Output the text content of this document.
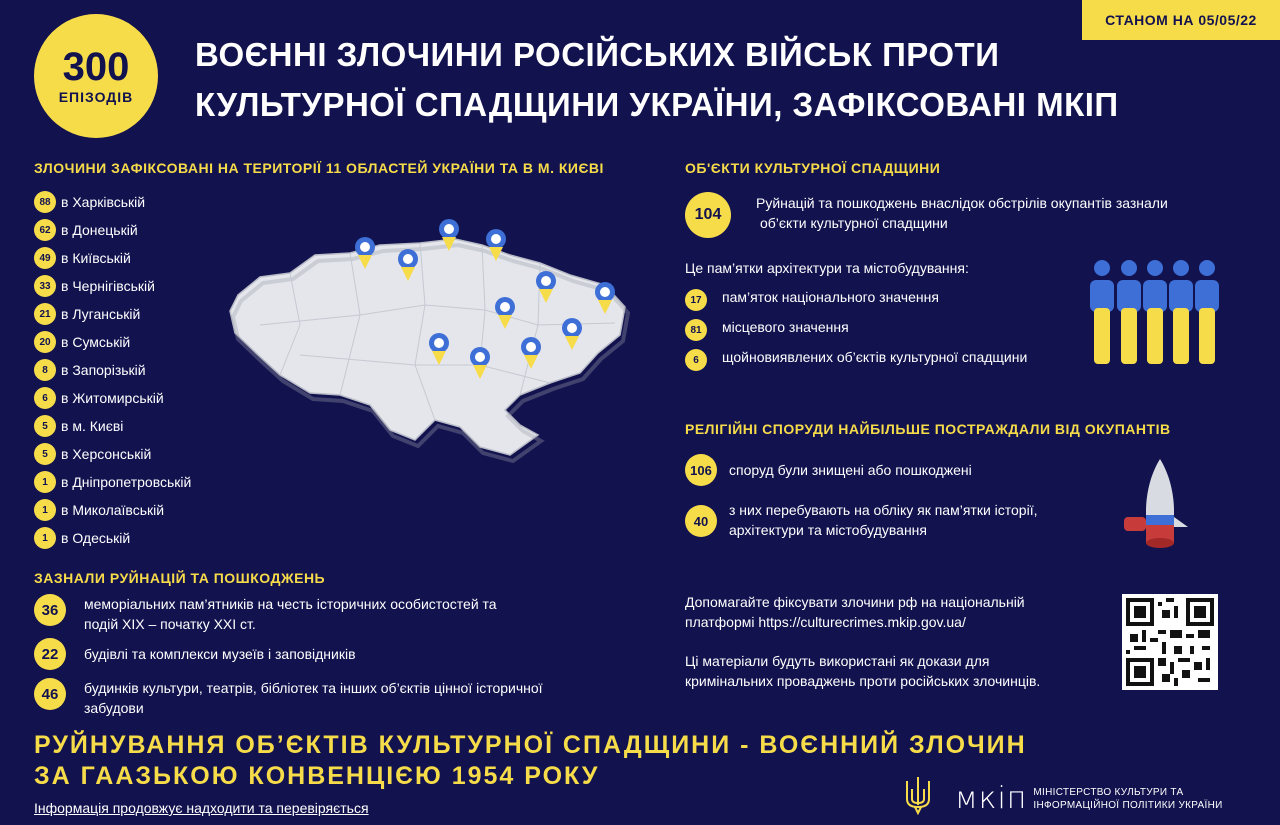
СТАНОМ НА 05/05/22
300
ЕПІЗОДІВ
ВОЄННІ ЗЛОЧИНИ РОСІЙСЬКИХ ВІЙСЬК ПРОТИ
КУЛЬТУРНОЇ СПАДЩИНИ УКРАЇНИ, ЗАФІКСОВАНІ МКІП
ЗЛОЧИНИ ЗАФІКСОВАНІ НА ТЕРИТОРІЇ 11 ОБЛАСТЕЙ УКРАЇНИ ТА В М. КИЄВІ
88 в Харківській
62 в Донецькій
49 в Київській
33 в Чернігівській
21 в Луганській
20 в Сумській
8 в Запорізькій
6 в Житомирській
5 в м. Києві
5 в Херсонській
1 в Дніпропетровській
1 в Миколаївській
1 в Одеській
ЗАЗНАЛИ РУЙНАЦІЙ ТА ПОШКОДЖЕНЬ
36	меморіальних пам’ятників на честь історичних особистостей та
подій XIX – початку XXI ст.
22	будівлі та комплекси музеїв і заповідників
46	будинків культури, театрів, бібліотек та інших об’єктів цінної історичної
забудови
ОБ'ЄКТИ КУЛЬТУРНОЇ СПАДЩИНИ
104
Руйнацій та пошкоджень внаслідок обстрілів окупантів зазнали
об’єкти культурної спадщини
Це пам’ятки архітектури та містобудування:
17	пам’яток національного значення
81	місцевого значення
6	щойновиявлених об’єктів культурної спадщини
РЕЛІГІЙНІ СПОРУДИ НАЙБІЛЬШЕ ПОСТРАЖДАЛИ ВІД ОКУПАНТІВ
106	споруд були знищені або пошкоджені
40
з них перебувають на обліку як пам’ятки історії,
архітектури та містобудування
Допомагайте фіксувати злочини рф на національній
платформі https://culturecrimes.mkip.gov.ua/
Ці матеріали будуть використані як докази для
кримінальних проваджень проти російських злочинців.
РУЙНУВАННЯ ОБ’ЄКТІВ КУЛЬТУРНОЇ СПАДЩИНИ - ВОЄННИЙ ЗЛОЧИН
ЗА ГААЗЬКОЮ КОНВЕНЦІЄЮ 1954 РОКУ
Інформація продовжує надходити та перевіряється	мкіп МІНІСТЕРСТВО КУЛЬТУРИ ТА
ІНФОРМАЦІЙНОЇ ПОЛІТИКИ УКРАЇНИ
